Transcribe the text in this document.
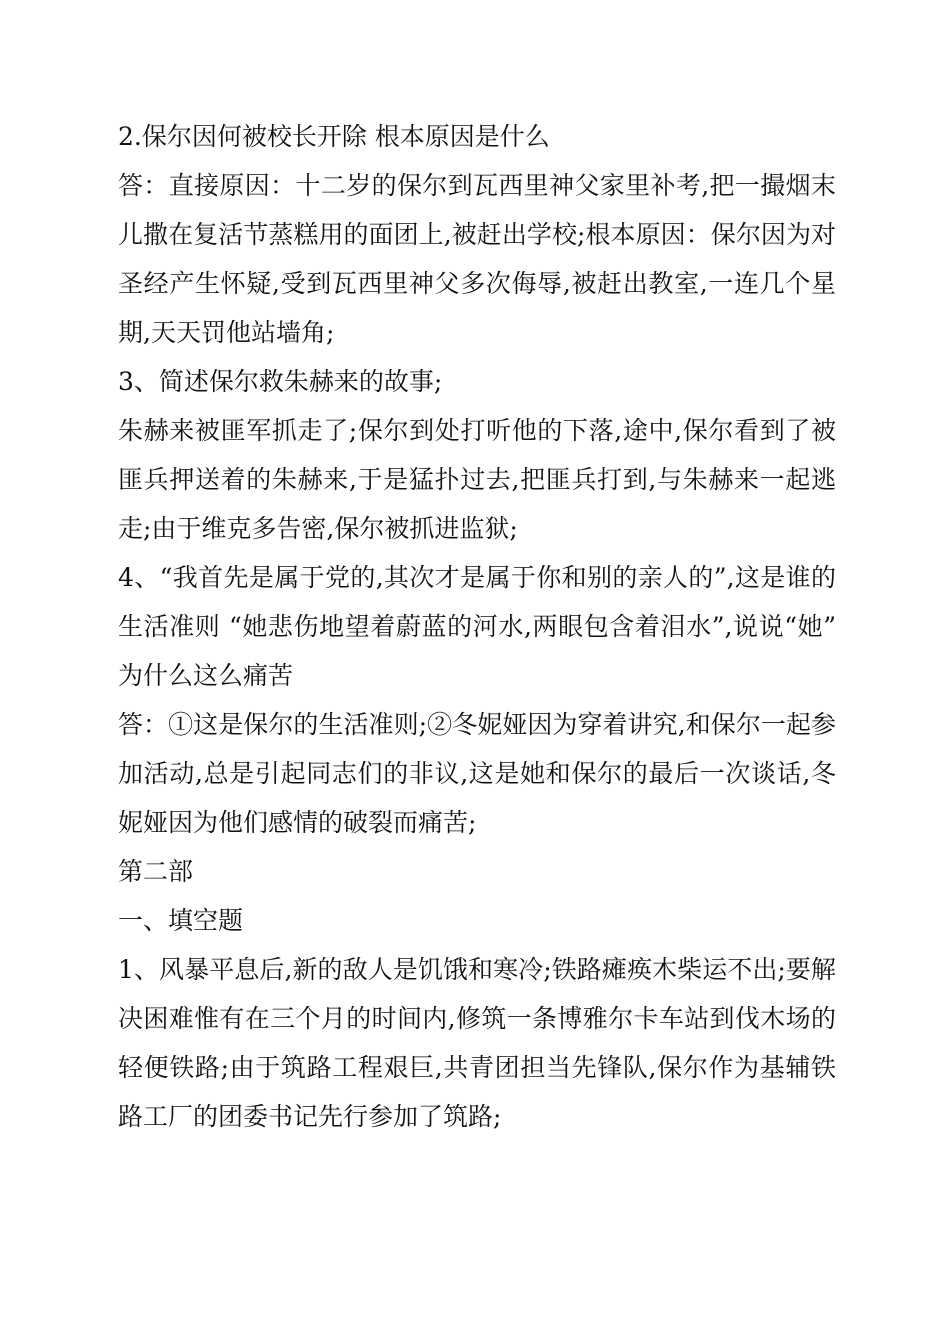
2.保尔因何被校长开除 根本原因是什么

答：直接原因：十二岁的保尔到瓦西里神父家里补考,把一撮烟末儿撒在复活节蒸糕用的面团上,被赶出学校;根本原因：保尔因为对圣经产生怀疑,受到瓦西里神父多次侮辱,被赶出教室,一连几个星期,天天罚他站墙角;

3、简述保尔救朱赫来的故事;

朱赫来被匪军抓走了;保尔到处打听他的下落,途中,保尔看到了被匪兵押送着的朱赫来,于是猛扑过去,把匪兵打到,与朱赫来一起逃走;由于维克多告密,保尔被抓进监狱;

4、“我首先是属于党的,其次才是属于你和别的亲人的”,这是谁的生活准则 “她悲伤地望着蔚蓝的河水,两眼包含着泪水”,说说“她”为什么这么痛苦

答：①这是保尔的生活准则;②冬妮娅因为穿着讲究,和保尔一起参加活动,总是引起同志们的非议,这是她和保尔的最后一次谈话,冬妮娅因为他们感情的破裂而痛苦;

第二部

一、填空题

1、风暴平息后,新的敌人是饥饿和寒冷;铁路瘫痪木柴运不出;要解决困难惟有在三个月的时间内,修筑一条博雅尔卡车站到伐木场的轻便铁路;由于筑路工程艰巨,共青团担当先锋队,保尔作为基辅铁路工厂的团委书记先行参加了筑路;
